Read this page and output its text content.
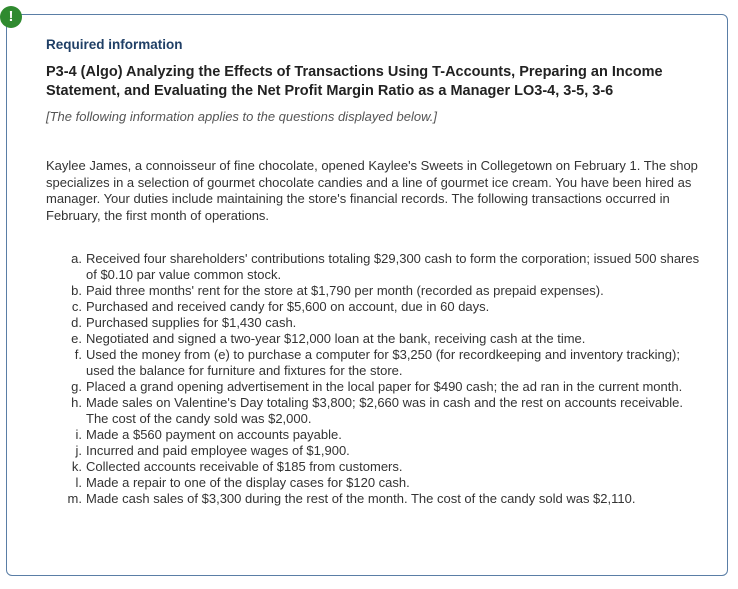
!

Required information

P3-4 (Algo) Analyzing the Effects of Transactions Using T-Accounts, Preparing an Income Statement, and Evaluating the Net Profit Margin Ratio as a Manager LO3-4, 3-5, 3-6

[The following information applies to the questions displayed below.]

Kaylee James, a connoisseur of fine chocolate, opened Kaylee's Sweets in Collegetown on February 1. The shop specializes in a selection of gourmet chocolate candies and a line of gourmet ice cream. You have been hired as manager. Your duties include maintaining the store's financial records. The following transactions occurred in February, the first month of operations.

a. Received four shareholders' contributions totaling $29,300 cash to form the corporation; issued 500 shares of $0.10 par value common stock.
b. Paid three months' rent for the store at $1,790 per month (recorded as prepaid expenses).
c. Purchased and received candy for $5,600 on account, due in 60 days.
d. Purchased supplies for $1,430 cash.
e. Negotiated and signed a two-year $12,000 loan at the bank, receiving cash at the time.
f. Used the money from (e) to purchase a computer for $3,250 (for recordkeeping and inventory tracking); used the balance for furniture and fixtures for the store.
g. Placed a grand opening advertisement in the local paper for $490 cash; the ad ran in the current month.
h. Made sales on Valentine's Day totaling $3,800; $2,660 was in cash and the rest on accounts receivable. The cost of the candy sold was $2,000.
i. Made a $560 payment on accounts payable.
j. Incurred and paid employee wages of $1,900.
k. Collected accounts receivable of $185 from customers.
l. Made a repair to one of the display cases for $120 cash.
m. Made cash sales of $3,300 during the rest of the month. The cost of the candy sold was $2,110.
